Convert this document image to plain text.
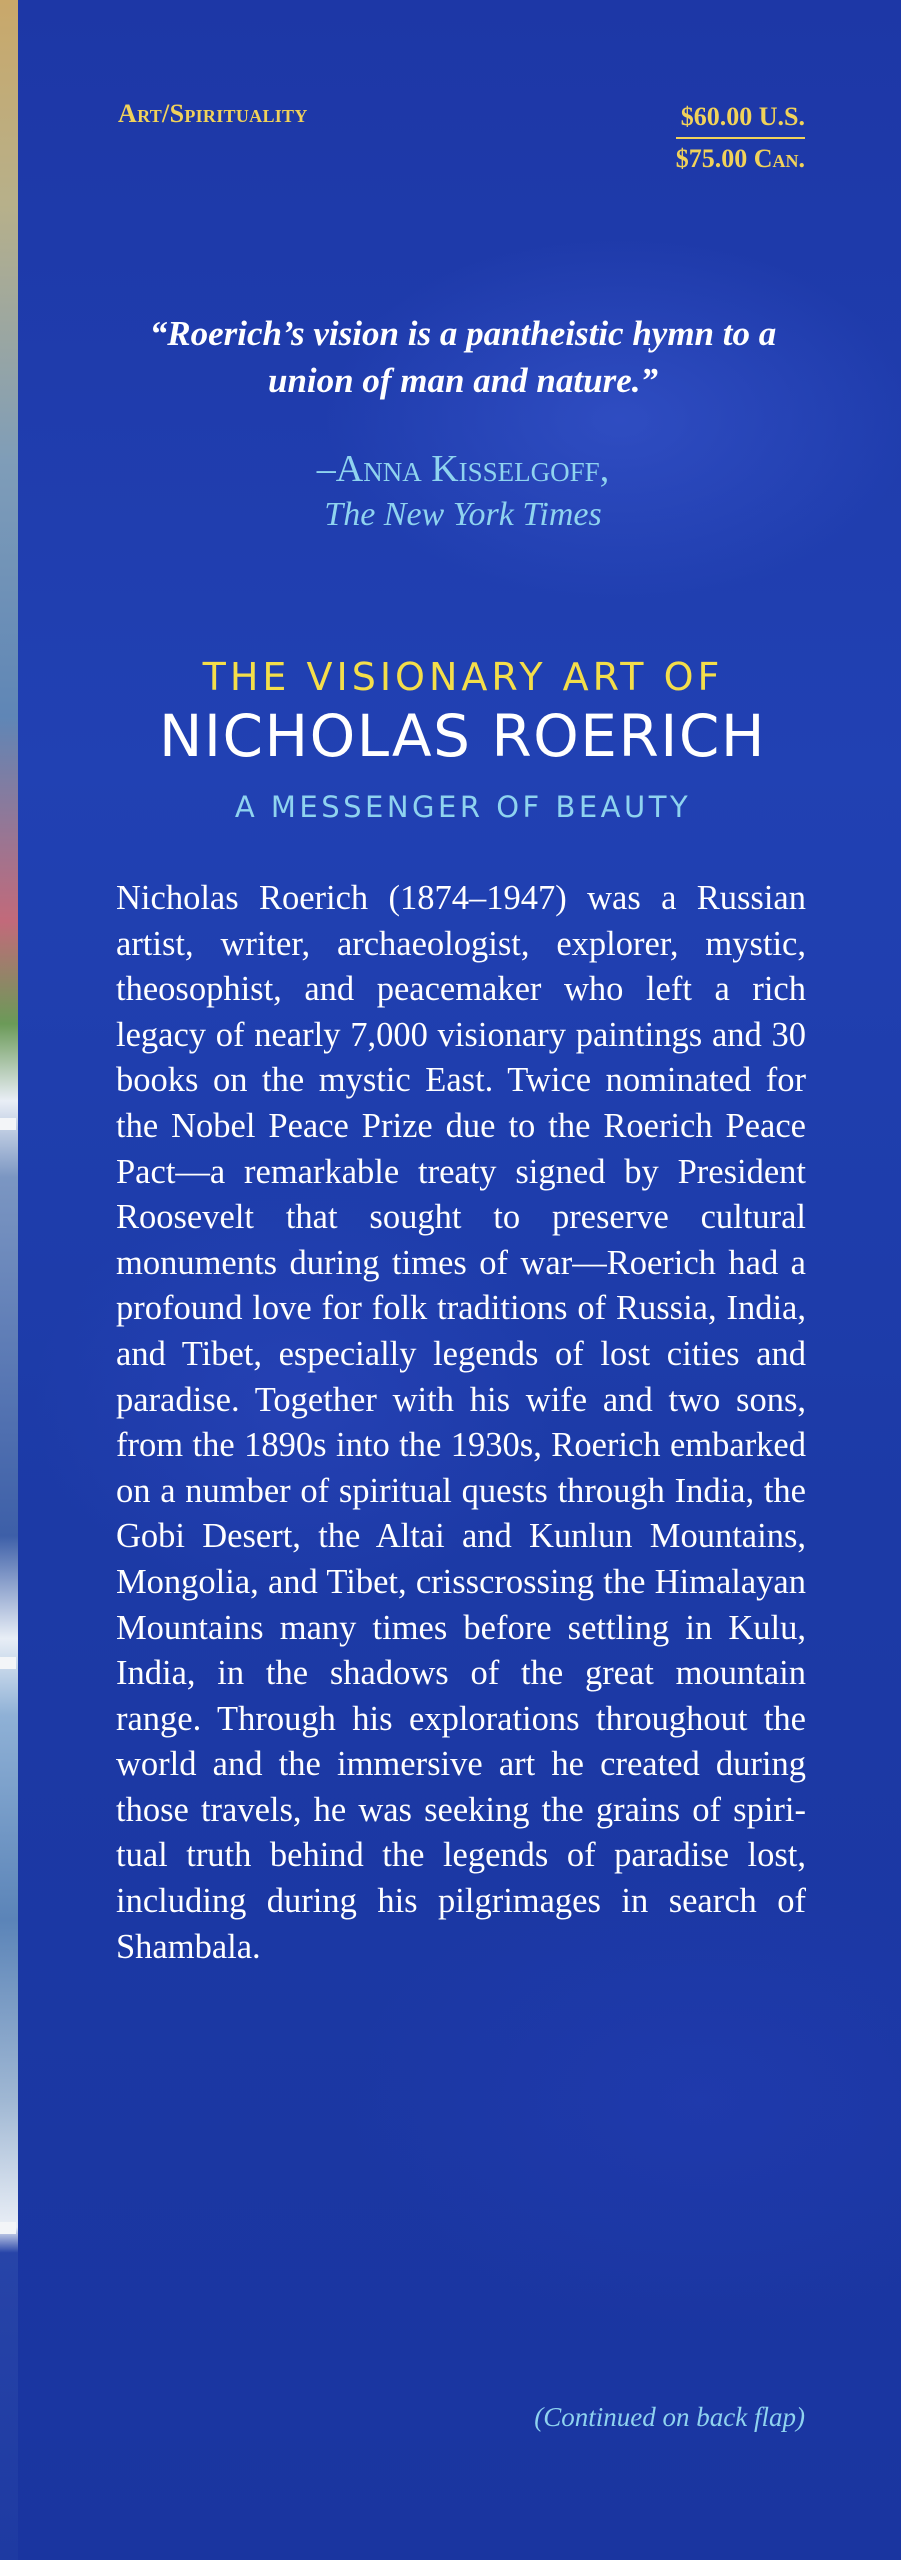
Art/Spirituality	$60.00 U.S.
$75.00 Can.
“Roerich’s vision is a pantheistic hymn to a union of man and nature.”
–Anna Kisselgoff,
The New York Times
THE VISIONARY ART OF
NICHOLAS ROERICH
A MESSENGER OF BEAUTY
Nicholas Roerich (1874–1947) was a Russian artist, writer, archaeologist, explorer, mystic, theosophist, and peacemaker who left a rich legacy of nearly 7,000 visionary paintings and 30 books on the mystic East. Twice nominated for the Nobel Peace Prize due to the Roerich Peace Pact—a remarkable treaty signed by President Roosevelt that sought to preserve cultural monuments during times of war—Roerich had a profound love for folk traditions of Russia, India, and Tibet, especially legends of lost cities and paradise. Together with his wife and two sons, from the 1890s into the 1930s, Roerich embarked on a number of spiritual quests through India, the Gobi Desert, the Altai and Kunlun Mountains, Mongolia, and Tibet, crisscrossing the Himalayan Mountains many times before settling in Kulu, India, in the shadows of the great mountain range. Through his explorations throughout the world and the immersive art he created during those travels, he was seeking the grains of spiritual truth behind the legends of paradise lost, including during his pilgrimages in search of Shambala.
(Continued on back flap)
